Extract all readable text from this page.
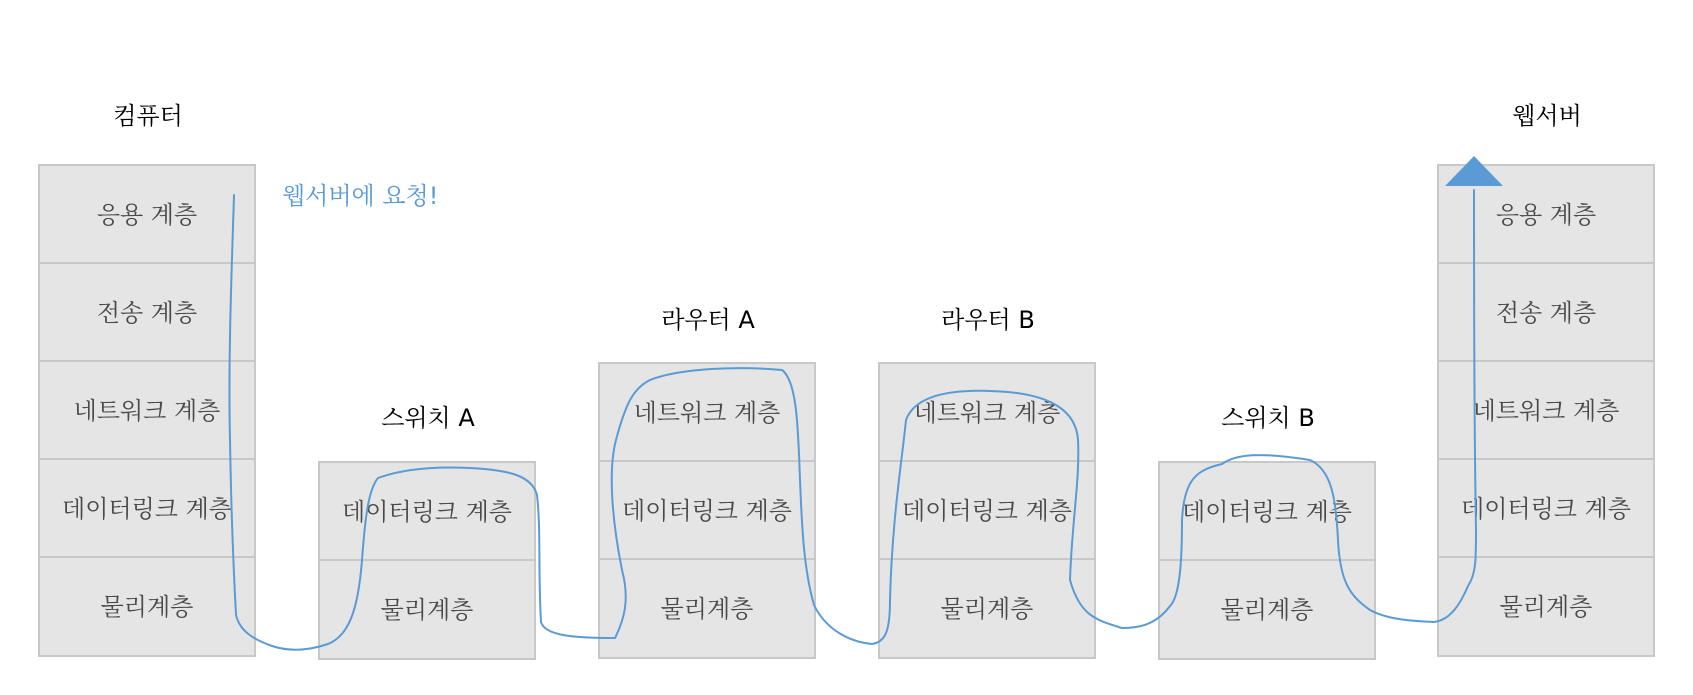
컴퓨터
스위치 A
라우터 A	라우터 B
스위치 B
웹서버
응용 계층
전송 계층
네트워크 계층
데이터링크 계층
물리계층
데이터링크 계층
물리계층
네트워크 계층
데이터링크 계층
물리계층
네트워크 계층
데이터링크 계층
물리계층
데이터링크 계층
물리계층
응용 계층
전송 계층
네트워크 계층
데이터링크 계층
물리계층
웹서버에 요청!
